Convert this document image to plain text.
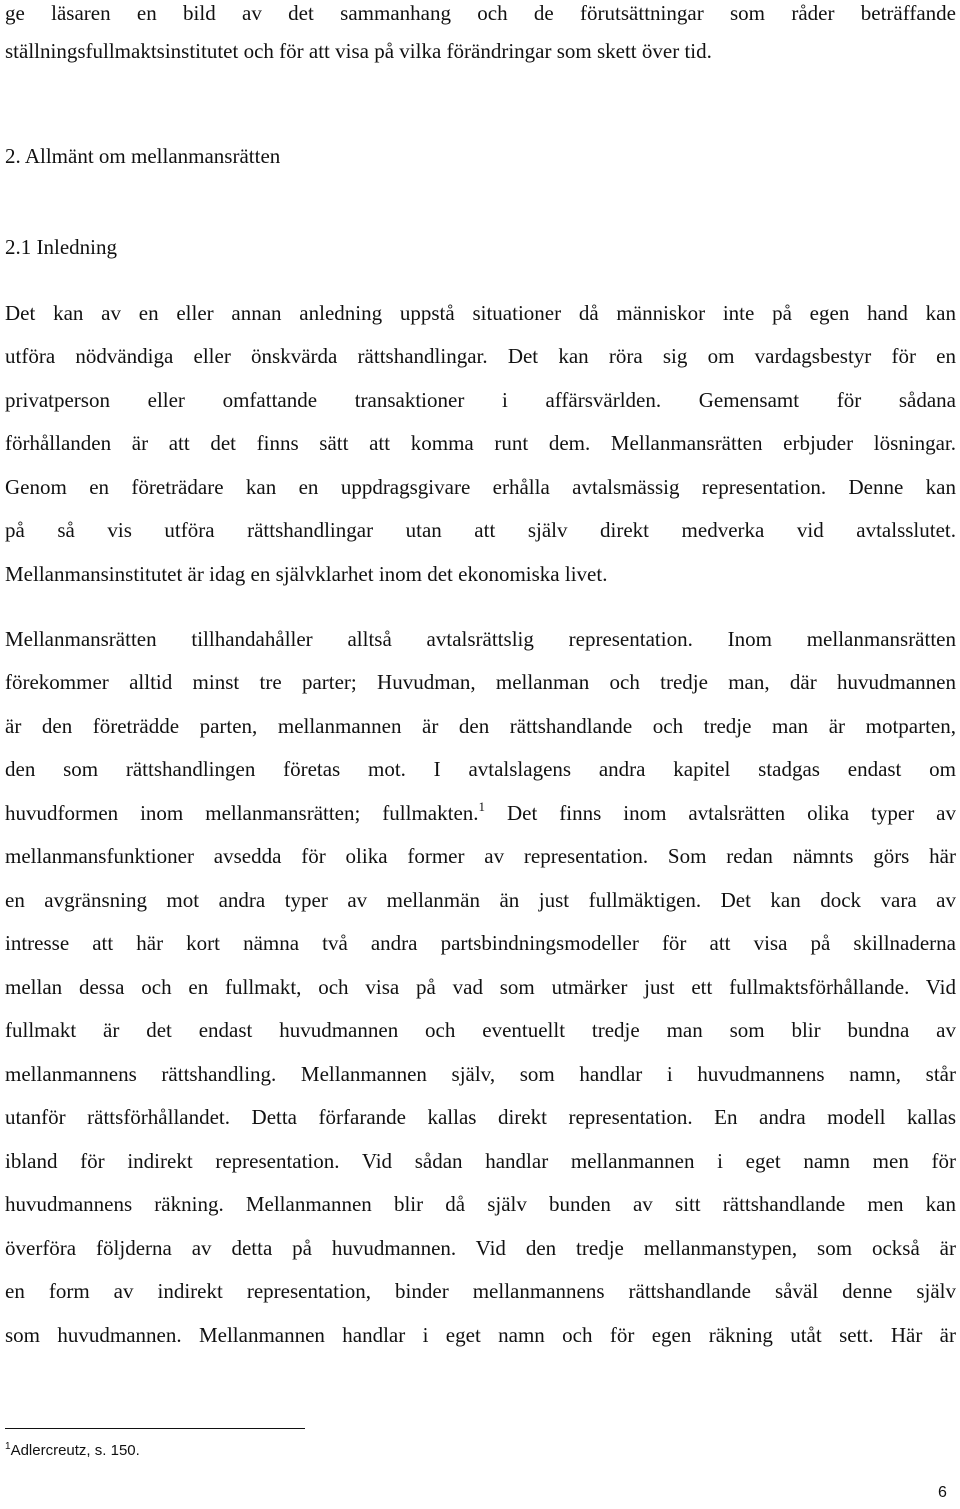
ge läsaren en bild av det sammanhang och de förutsättningar som råder beträffande
ställningsfullmaktsinstitutet och för att visa på vilka förändringar som skett över tid.
2. Allmänt om mellanmansrätten
2.1 Inledning
Det kan av en eller annan anledning uppstå situationer då människor inte på egen hand kan
utföra nödvändiga eller önskvärda rättshandlingar. Det kan röra sig om vardagsbestyr för en
privatperson eller omfattande transaktioner i affärsvärlden. Gemensamt för sådana
förhållanden är att det finns sätt att komma runt dem. Mellanmansrätten erbjuder lösningar.
Genom en företrädare kan en uppdragsgivare erhålla avtalsmässig representation. Denne kan
på så vis utföra rättshandlingar utan att själv direkt medverka vid avtalsslutet.
Mellanmansinstitutet är idag en självklarhet inom det ekonomiska livet.
Mellanmansrätten tillhandahåller alltså avtalsrättslig representation. Inom mellanmansrätten
förekommer alltid minst tre parter; Huvudman, mellanman och tredje man, där huvudmannen
är den företrädde parten, mellanmannen är den rättshandlande och tredje man är motparten,
den som rättshandlingen företas mot. I avtalslagens andra kapitel stadgas endast om
huvudformen inom mellanmansrätten; fullmakten.$^1$ Det finns inom avtalsrätten olika typer av
mellanmansfunktioner avsedda för olika former av representation. Som redan nämnts görs här
en avgränsning mot andra typer av mellanmän än just fullmäktigen. Det kan dock vara av
intresse att här kort nämna två andra partsbindningsmodeller för att visa på skillnaderna
mellan dessa och en fullmakt, och visa på vad som utmärker just ett fullmaktsförhållande. Vid
fullmakt är det endast huvudmannen och eventuellt tredje man som blir bundna av
mellanmannens rättshandling. Mellanmannen själv, som handlar i huvudmannens namn, står
utanför rättsförhållandet. Detta förfarande kallas direkt representation. En andra modell kallas
ibland för indirekt representation. Vid sådan handlar mellanmannen i eget namn men för
huvudmannens räkning. Mellanmannen blir då själv bunden av sitt rättshandlande men kan
överföra följderna av detta på huvudmannen. Vid den tredje mellanmanstypen, som också är
en form av indirekt representation, binder mellanmannens rättshandlande såväl denne själv
som huvudmannen. Mellanmannen handlar i eget namn och för egen räkning utåt sett. Här är
$^1$Adlercreutz, s. 150.
6
